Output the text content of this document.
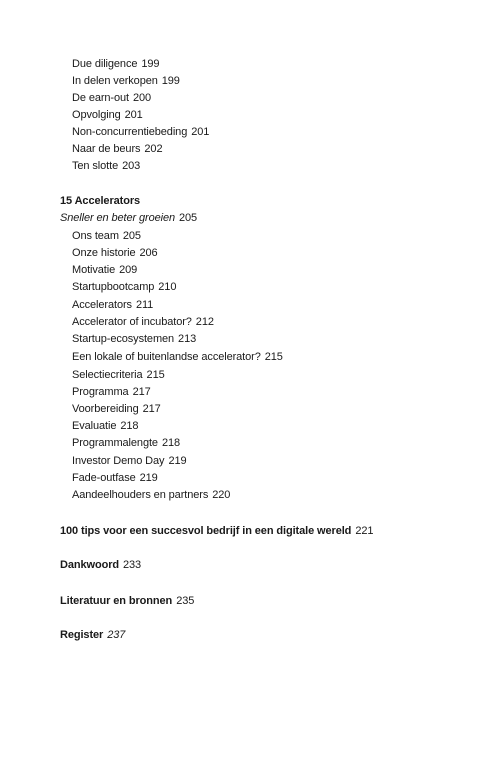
Due diligence 199
In delen verkopen 199
De earn-out 200
Opvolging 201
Non-concurrentiebeding 201
Naar de beurs 202
Ten slotte 203
15 Accelerators
Sneller en beter groeien 205
Ons team 205
Onze historie 206
Motivatie 209
Startupbootcamp 210
Accelerators 211
Accelerator of incubator? 212
Startup-ecosystemen 213
Een lokale of buitenlandse accelerator? 215
Selectiecriteria 215
Programma 217
Voorbereiding 217
Evaluatie 218
Programmalengte 218
Investor Demo Day 219
Fade-outfase 219
Aandeelhouders en partners 220
100 tips voor een succesvol bedrijf in een digitale wereld 221
Dankwoord 233
Literatuur en bronnen 235
Register 237
